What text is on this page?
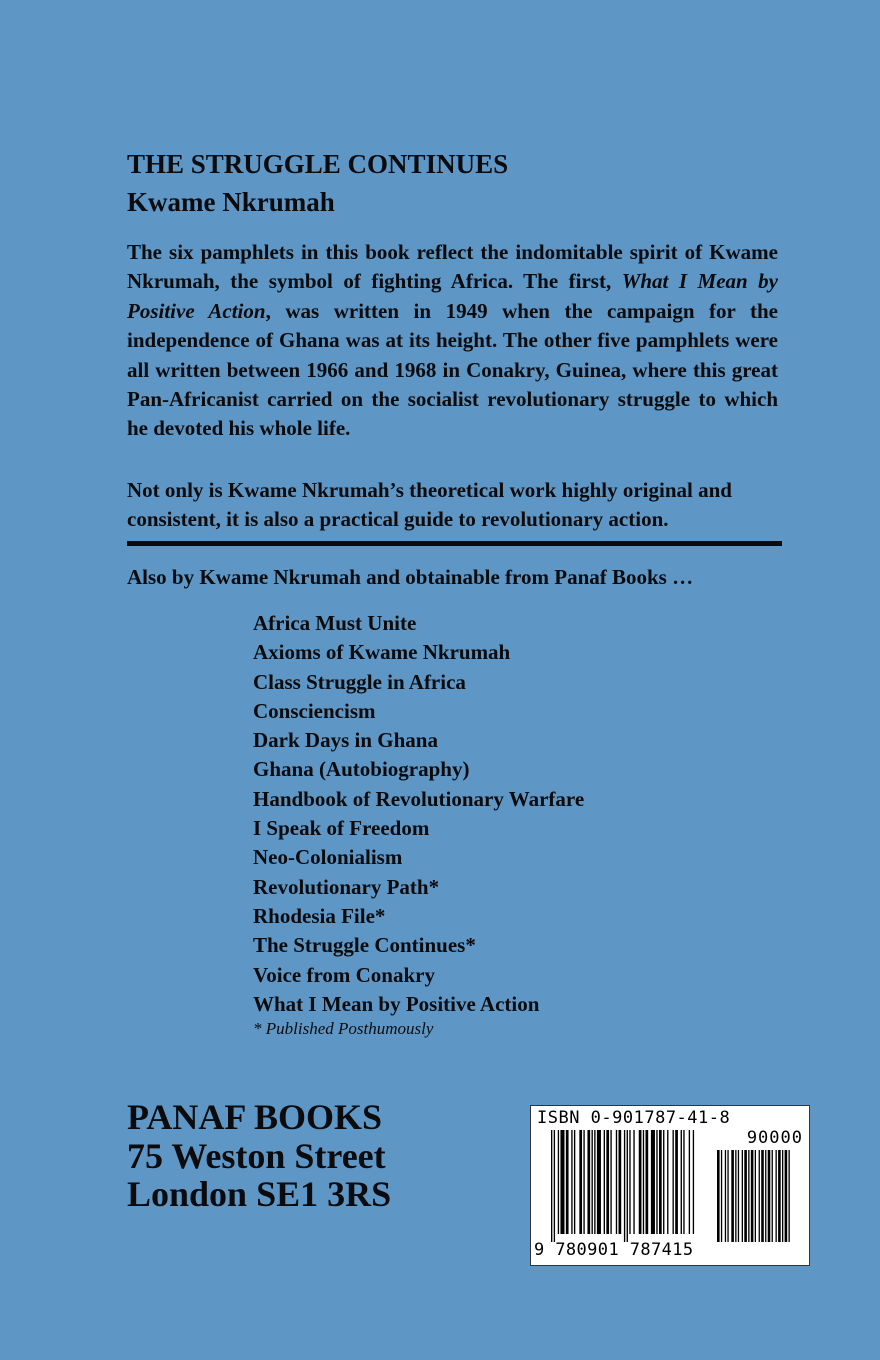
THE STRUGGLE CONTINUES
Kwame Nkrumah

The six pamphlets in this book reflect the indomitable spirit of Kwame Nkrumah, the symbol of fighting Africa. The first, What I Mean by Positive Action, was written in 1949 when the campaign for the independence of Ghana was at its height. The other five pamphlets were all written between 1966 and 1968 in Conakry, Guinea, where this great Pan-Africanist carried on the socialist revolutionary struggle to which he devoted his whole life.

Not only is Kwame Nkrumah’s theoretical work highly original and consistent, it is also a practical guide to revolutionary action.

Also by Kwame Nkrumah and obtainable from Panaf Books …

Africa Must Unite
Axioms of Kwame Nkrumah
Class Struggle in Africa
Consciencism
Dark Days in Ghana
Ghana (Autobiography)
Handbook of Revolutionary Warfare
I Speak of Freedom
Neo-Colonialism
Revolutionary Path*
Rhodesia File*
The Struggle Continues*
Voice from Conakry
What I Mean by Positive Action

* Published Posthumously

PANAF BOOKS
75 Weston Street
London SE1 3RS
ISBN 0-901787-41-8
90000
9 780901 787415
